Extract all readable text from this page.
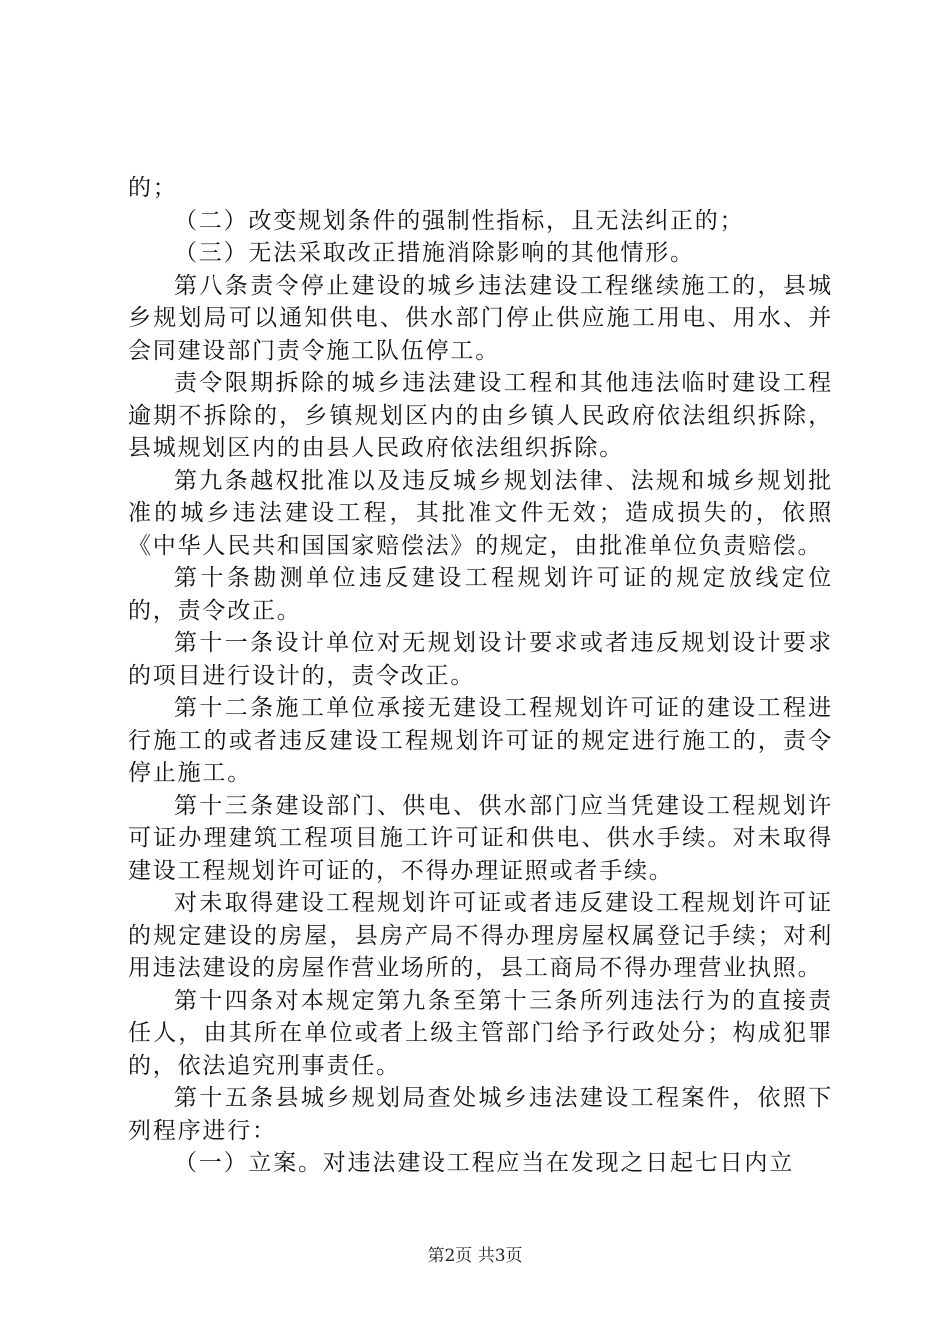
的；

（二）改变规划条件的强制性指标，且无法纠正的；

（三）无法采取改正措施消除影响的其他情形。

第八条责令停止建设的城乡违法建设工程继续施工的，县城乡规划局可以通知供电、供水部门停止供应施工用电、用水、并会同建设部门责令施工队伍停工。

责令限期拆除的城乡违法建设工程和其他违法临时建设工程逾期不拆除的，乡镇规划区内的由乡镇人民政府依法组织拆除，县城规划区内的由县人民政府依法组织拆除。

第九条越权批准以及违反城乡规划法律、法规和城乡规划批准的城乡违法建设工程，其批准文件无效；造成损失的，依照《中华人民共和国国家赔偿法》的规定，由批准单位负责赔偿。

第十条勘测单位违反建设工程规划许可证的规定放线定位的，责令改正。

第十一条设计单位对无规划设计要求或者违反规划设计要求的项目进行设计的，责令改正。

第十二条施工单位承接无建设工程规划许可证的建设工程进行施工的或者违反建设工程规划许可证的规定进行施工的，责令停止施工。

第十三条建设部门、供电、供水部门应当凭建设工程规划许可证办理建筑工程项目施工许可证和供电、供水手续。对未取得建设工程规划许可证的，不得办理证照或者手续。

对未取得建设工程规划许可证或者违反建设工程规划许可证的规定建设的房屋，县房产局不得办理房屋权属登记手续；对利用违法建设的房屋作营业场所的，县工商局不得办理营业执照。

第十四条对本规定第九条至第十三条所列违法行为的直接责任人，由其所在单位或者上级主管部门给予行政处分；构成犯罪的，依法追究刑事责任。

第十五条县城乡规划局查处城乡违法建设工程案件，依照下列程序进行：

（一）立案。对违法建设工程应当在发现之日起七日内立

第2页 共3页
